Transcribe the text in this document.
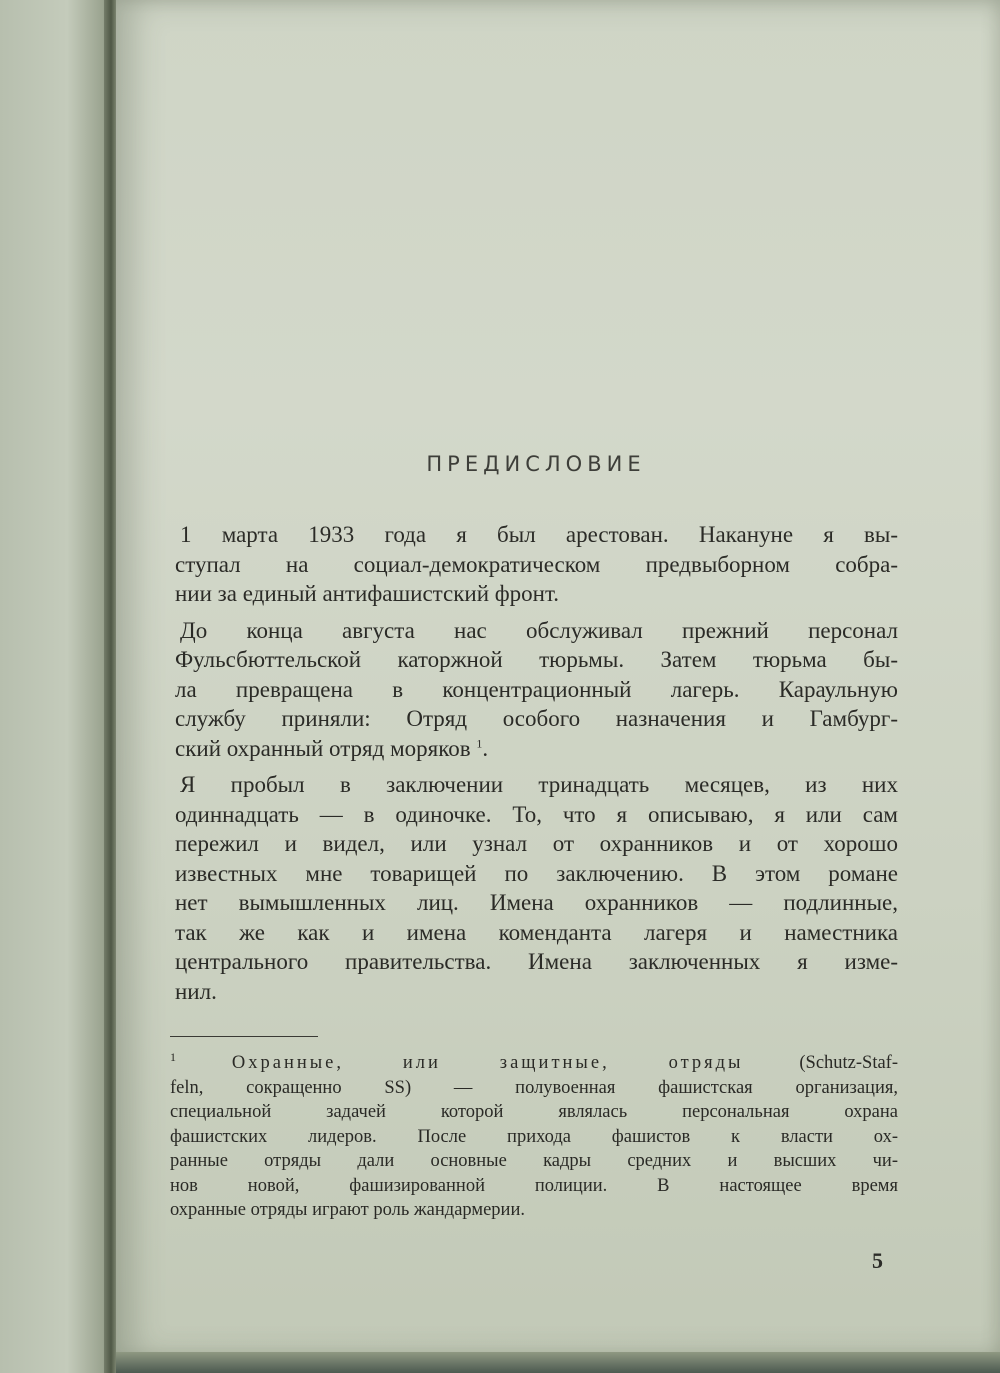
ПРЕДИСЛОВИЕ
1 марта 1933 года я был арестован. Накануне я вы-
ступал на социал-демократическом предвыборном собра-
нии за единый антифашистский фронт.
До конца августа нас обслуживал прежний персонал
Фульсбюттельской каторжной тюрьмы. Затем тюрьма бы-
ла превращена в концентрационный лагерь. Караульную
службу приняли: Отряд особого назначения и Гамбург-
ский охранный отряд моряков $^1$.
Я пробыл в заключении тринадцать месяцев, из них
одиннадцать — в одиночке. То, что я описываю, я или сам
пережил и видел, или узнал от охранников и от хорошо
известных мне товарищей по заключению. В этом романе
нет вымышленных лиц. Имена охранников — подлинные,
так же как и имена коменданта лагеря и наместника
центрального правительства. Имена заключенных я изме-
нил.
$^1$	Охранные, или защитные, отряды	(Schutz-Staf-
feln, сокращенно SS) — полувоенная фашистская организация,
специальной задачей которой являлась персональная охрана
фашистских лидеров. После прихода фашистов к власти ох-
ранные отряды дали основные кадры средних и высших чи-
нов новой, фашизированной полиции. В настоящее время
охранные отряды играют роль жандармерии.
5
